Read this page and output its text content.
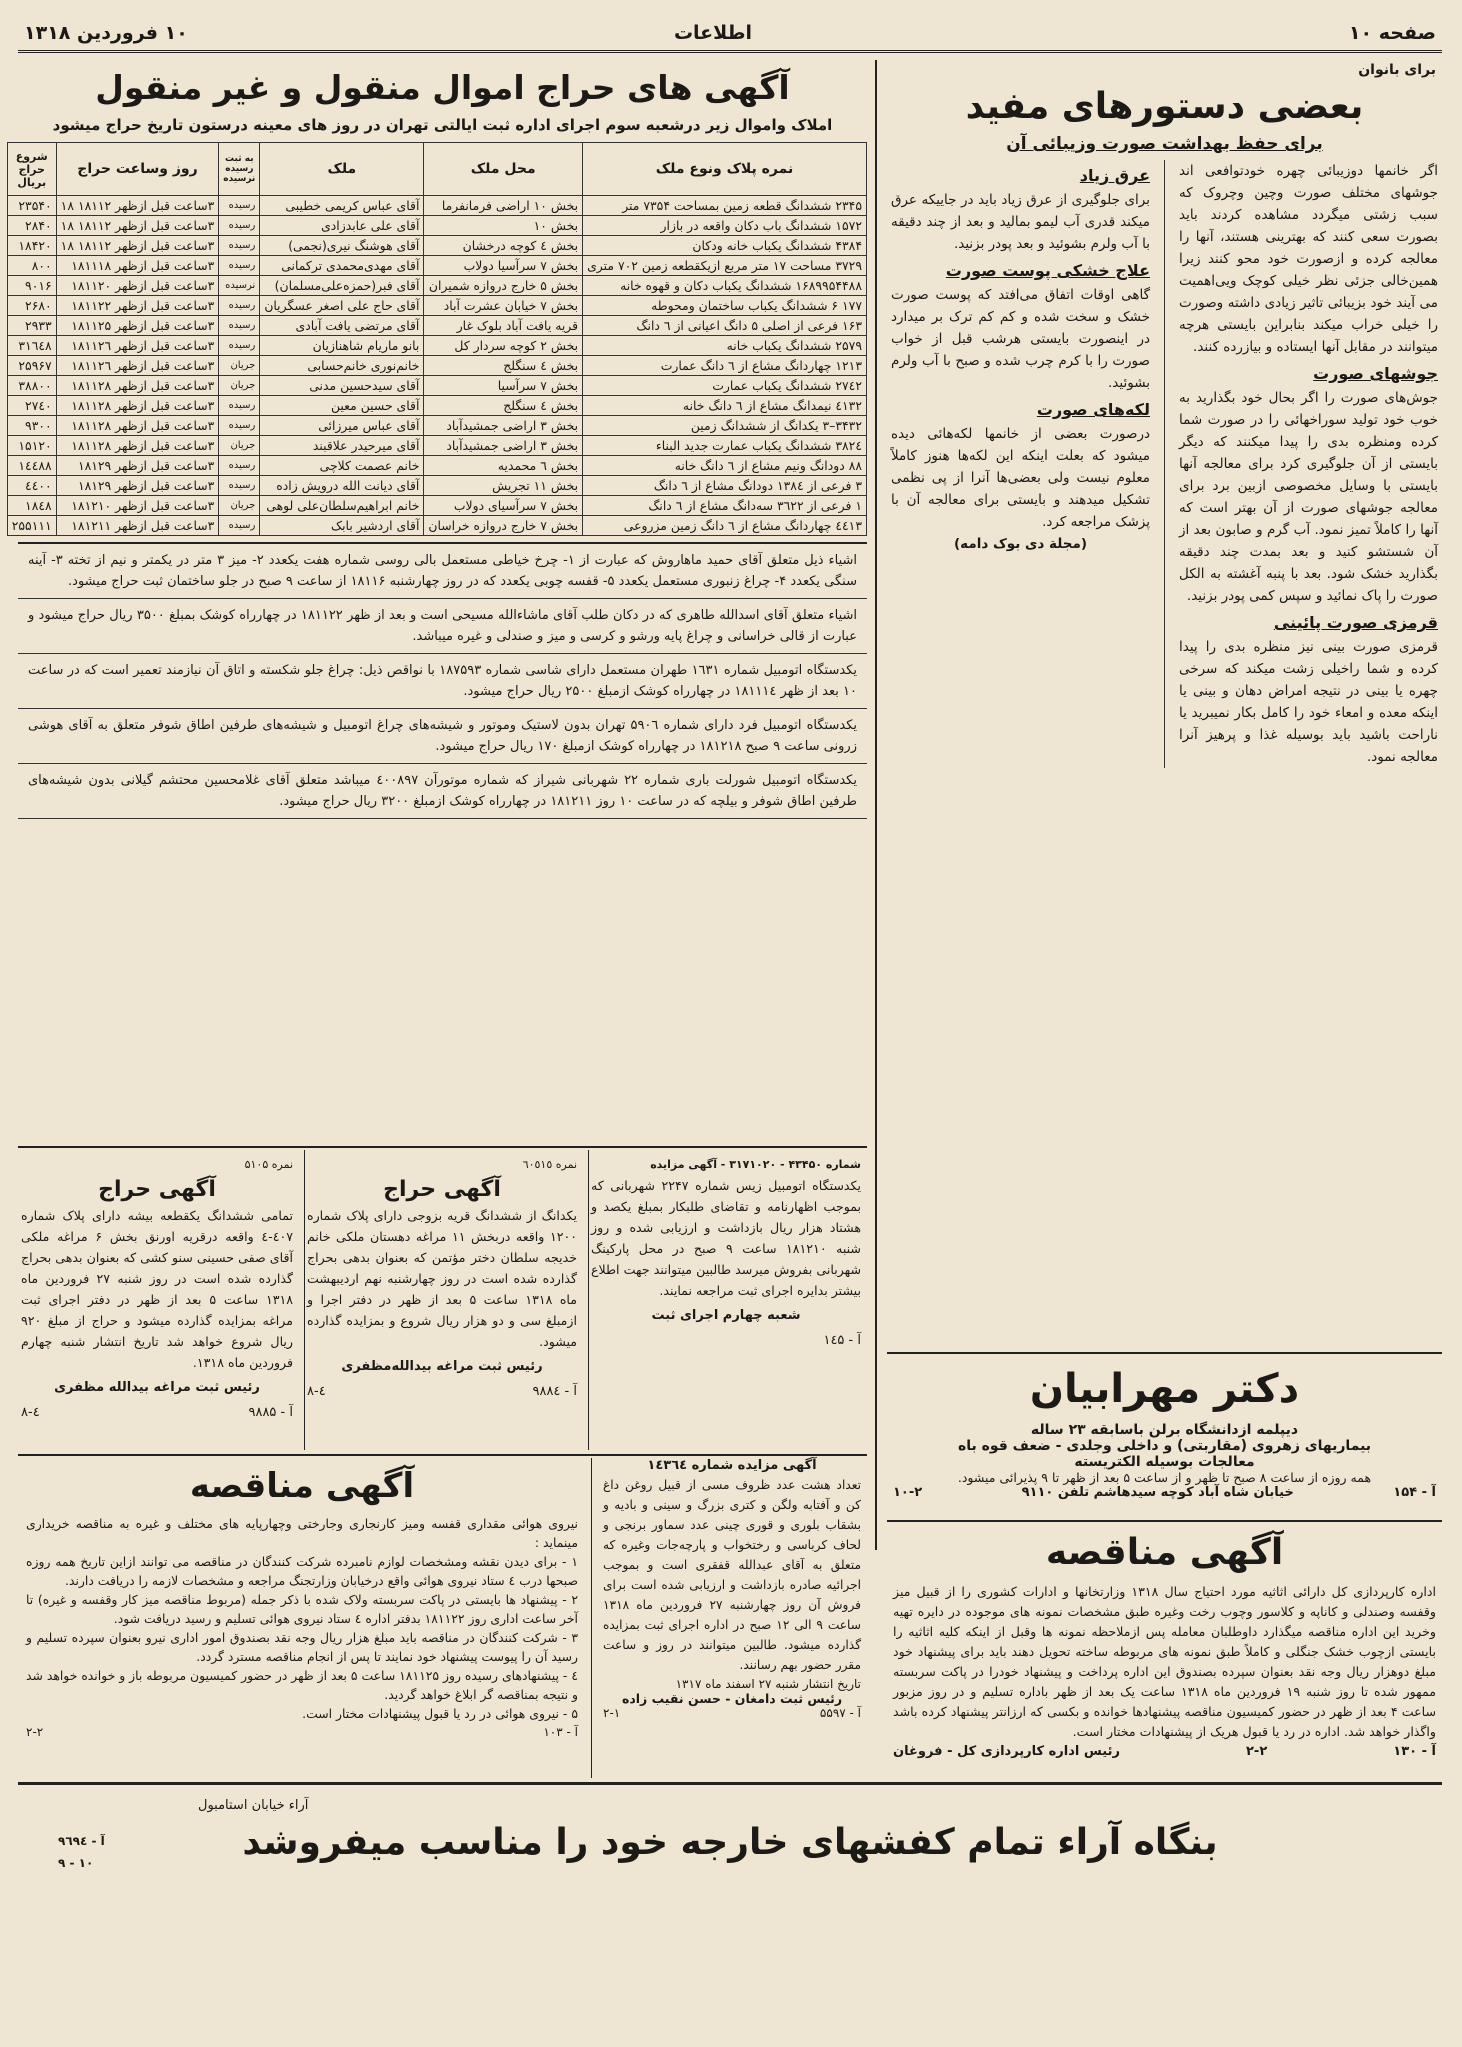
صفحه ۱۰
اطلاعات
۱۰ فروردین ۱۳۱۸
برای بانوان
بعضی دستورهای مفید
برای حفظ بهداشت صورت وزیبائی آن
اگر خانمها دوزیبائی چهره خودتوافعی اند جوشهای مختلف صورت وچین وچروک که سبب زشتی میگردد مشاهده کردند باید بصورت سعی کنند که بهترینی هستند، آنها را معالجه کرده و ازصورت خود محو کنند زیرا همین‌خالی جزئی نظر خیلی کوچک ویی‌اهمیت می آیند خود بزیبائی تاثیر زیادی داشته وصورت را خیلی خراب میکند بنابراین بایستی هرچه میتوانند در مقابل آنها ایستاده و بیازرده کنند.
جوشهای صورت
جوش‌های صورت را اگر بحال خود بگذارید به خوب خود تولید سوراخهائی را در صورت شما کرده ومنظره بدی را پیدا میکنند که دیگر بایستی از آن جلوگیری کرد برای معالجه آنها بایستی با وسایل مخصوصی ازبین برد برای معالجه جوشهای صورت از آن بهتر است که آنها را کاملاً تمیز نمود. آب گرم و صابون بعد از آن شستشو کنید و بعد بمدت چند دقیقه بگذارید خشک شود. بعد با پنبه آغشته به الکل صورت را پاک نمائید و سپس کمی پودر بزنید.
قرمزی صورت پائینی
قرمزی صورت بینی نیز منظره بدی را پیدا کرده و شما راخیلی زشت میکند که سرخی چهره یا بینی در نتیجه امراض دهان و بینی یا اینکه معده و امعاء خود را کامل بکار نمیبرید یا ناراحت باشید باید بوسیله غذا و پرهیز آنرا معالجه نمود.
عرق زیاد
برای جلوگیری از عرق زیاد باید در جاییکه عرق میکند قدری آب لیمو بمالید و بعد از چند دقیقه با آب ولرم بشوئید و بعد پودر بزنید.
علاج خشکی پوست صورت
گاهی اوقات اتفاق می‌افتد که پوست صورت خشک و سخت شده و کم کم ترک بر میدارد در اینصورت بایستی هرشب قبل از خواب صورت را با کرم چرب شده و صبح با آب ولرم بشوئید.
لکه‌های صورت
درصورت بعضی از خانمها لکه‌هائی دیده میشود که بعلت اینکه این لکه‌ها هنوز کاملاً معلوم نیست ولی بعضی‌ها آنرا از پی نظمی تشکیل میدهند و بایستی برای معالجه آن با پزشک مراجعه کرد.
(مجلة دی بوک دامه)
دکتر مهرابیان
دیپلمه ازدانشگاه برلن باسابقه ۲۳ ساله
بیماریهای زهروی (مقاربتی) و داخلی وجلدی - ضعف قوه باه
معالجات بوسیله الکتریسته
همه روزه از ساعت ۸ صبح تا ظهر و از ساعت ۵ بعد از ظهر تا ۹ پذیرائی میشود.
آ - ۱۵۴
خیابان شاه آباد کوچه سیدهاشم تلفن ۹۱۱۰
۱۰-۲
آگهی مناقصه
اداره کارپردازی کل دارائی اثاثیه مورد احتیاج سال ۱۳۱۸ وزارتخانها و ادارات کشوری را از قبیل میز وقفسه وصندلی و کاناپه و کلاسور وچوب رخت وغیره طبق مشخصات نمونه های موجوده در دایره تهیه وخرید این اداره مناقصه میگذارد داوطلبان معامله پس ازملاحظه نمونه ها وقبل از اینکه کلیه اثاثیه را بایستی ازچوب خشک جنگلی و کاملاً طبق نمونه های مربوطه ساخته تحویل دهند باید برای پیشنهاد خود مبلغ دوهزار ریال وجه نقد بعنوان سپرده بصندوق این اداره پرداخت و پیشنهاد خودرا در پاکت سربسته ممهور شده تا روز شنبه ۱۹ فروردین ماه ۱۳۱۸ ساعت یک بعد از ظهر باداره تسلیم و در روز مزبور ساعت ۴ بعد از ظهر در حضور کمیسیون مناقصه پیشنهادها خوانده و بکسی که ارزانتر پیشنهاد کرده باشد واگذار خواهد شد. اداره در رد یا قبول هریک از پیشنهادات مختار است.
آ - ۱۳۰
۲-۲
رئیس اداره کارپردازی کل - فروغان
آگهی های حراج اموال منقول و غیر منقول
املاک واموال زیر درشعبه سوم اجرای اداره ثبت ایالتی تهران در روز های معینه درستون تاریخ حراج میشود
نمره پلاک ونوع ملک	محل ملک	ملک	به ثبت رسیده نرسیده	روز وساعت حراج	شروع حراج بریال
۲۳۴۵ ششدانگ قطعه زمین بمساحت ۷۳۵۴ متر	بخش ۱۰ اراضی فرمانفرما	آقای عباس کریمی خطیبی	رسیده	۳ساعت قبل ازظهر ۱۸۱۱۲ ۱۸	۲۳۵۴۰
۱۵۷۲ ششدانگ باب دکان واقعه در بازار	بخش ۱۰	آقای علی عابدزادی	رسیده	۳ساعت قبل ازظهر ۱۸۱۱۲ ۱۸	۲۸۴۰
۴۳۸۴ ششدانگ یکباب خانه ودکان	بخش ٤ کوچه درخشان	آقای هوشنگ نیری(نجمی)	رسیده	۳ساعت قبل ازظهر ۱۸۱۱۲ ۱۸	۱۸۴۲۰
۳۷۲۹ مساحت ۱۷ متر مربع ازیکقطعه زمین ۷۰۲ متری	بخش ۷ سرآسیا دولاب	آقای مهدی‌محمدی ترکمانی	رسیده	۳ساعت قبل ازظهر ۱۸۱۱۱۸	۸۰۰
۱۶۸۹۹۵۴۴۸۸ ششدانگ یکباب دکان و قهوه خانه	بخش ۵ خارج دروازه شمیران	آقای فبر(حمزه‌علی‌مسلمان)	نرسیده	۳ساعت قبل ازظهر ۱۸۱۱۲۰	۹۰۱۶
۱۷۷ ۶ ششدانگ یکباب ساختمان ومحوطه	بخش ۷ خیابان عشرت آباد	آقای حاج علی اصغر عسگریان	رسیده	۳ساعت قبل ازظهر ۱۸۱۱۲۲	۲۶۸۰
۱۶۳ فرعی از اصلی ۵ دانگ اعیانی از ٦ دانگ	قریه یافت آباد بلوک غار	آقای مرتضی یافت آبادی	رسیده	۳ساعت قبل ازظهر ۱۸۱۱۲۵	۲۹۳۳
۲۵۷۹ ششدانگ یکباب خانه	بخش ۲ کوچه سردار کل	بانو ماریام شاهنازیان	رسیده	۳ساعت قبل ازظهر ۱۸۱۱۲٦	۳۱٦٤٨
۱۲۱۳ چهاردانگ مشاع از ٦ دانگ عمارت	بخش ٤ سنگلج	خانم‌نوری خانم‌حسابی	جریان	۳ساعت قبل ازظهر ۱۸۱۱۲٦	۲۵۹۶۷
۲۷٤۲ ششدانگ یکباب عمارت	بخش ۷ سرآسیا	آقای سیدحسین مدنی	جریان	۳ساعت قبل ازظهر ۱۸۱۱۲۸	۳۸۸۰۰
٤۱۳۲ نیمدانگ مشاع از ٦ دانگ خانه	بخش ٤ سنگلج	آقای حسین معین	رسیده	۳ساعت قبل ازظهر ۱۸۱۱۲۸	۲۷٤۰
۳۴۳۲–۳ یکدانگ از ششدانگ زمین	بخش ۳ اراضی جمشیدآباد	آقای عباس میرزائی	رسیده	۳ساعت قبل ازظهر ۱۸۱۱۲۸	۹۳۰۰
۳۸۲٤ ششدانگ یکباب عمارت جدید البناء	بخش ۳ اراضی جمشیدآباد	آقای میرحیدر علاقبند	جریان	۳ساعت قبل ازظهر ۱۸۱۱۲۸	۱۵۱۲۰
۸۸ دودانگ ونیم مشاع از ٦ دانگ خانه	بخش ٦ محمدیه	خانم عصمت کلاچی	رسیده	۳ساعت قبل ازظهر ۱۸۱۲۹	۱٤٤۸۸
۳ فرعی از ۱۳۸٤ دودانگ مشاع از ٦ دانگ	بخش ۱۱ تجریش	آقای دیانت الله درویش زاده	رسیده	۳ساعت قبل ازظهر ۱۸۱۲۹	٤٤۰۰
۱ فرعی از ۳٦۲۲ سه‌دانگ مشاع از ٦ دانگ	بخش ۷ سرآسیای دولاب	خانم ابراهیم‌سلطان‌علی لوهی	جریان	۳ساعت قبل ازظهر ۱۸۱۲۱۰	۱۸٤۸
٤٤۱۳ چهاردانگ مشاع از ٦ دانگ زمین مزروعی	بخش ۷ خارج دروازه خراسان	آقای اردشیر بابک	رسیده	۳ساعت قبل ازظهر ۱۸۱۲۱۱	۲۵۵۱۱۱
اشیاء ذیل متعلق آقای حمید ماهاروش که عبارت از ۱- چرخ خیاطی مستعمل بالی روسی شماره هفت یکعدد ۲- میز ۳ متر در یکمتر و نیم از تخته ۳- آینه سنگی یکعدد ۴- چراغ زنبوری مستعمل یکعدد ۵- قفسه چوبی یکعدد که در روز چهارشنبه ۱۸۱۱۶ از ساعت ۹ صبح در جلو ساختمان ثبت حراج میشود.
اشیاء متعلق آقای اسدالله طاهری که در دکان طلب آقای ماشاءالله مسیحی است و بعد از ظهر ۱۸۱۱۲۲ در چهارراه کوشک بمبلغ ۳۵۰۰ ریال حراج میشود و عبارت از قالی خراسانی و چراغ پایه ورشو و کرسی و میز و صندلی و غیره میباشد.
یکدستگاه اتومبیل شماره ۱٦۳۱ طهران مستعمل دارای شاسی شماره ۱۸۷۵۹۳ با نواقص ذیل: چراغ جلو شکسته و اتاق آن نیازمند تعمیر است که در ساعت ۱۰ بعد از ظهر ۱۸۱۱۱٤ در چهارراه کوشک ازمبلغ ۲۵۰۰ ریال حراج میشود.
یکدستگاه اتومبیل فرد دارای شماره ۵۹۰٦ تهران بدون لاستیک وموتور و شیشه‌های چراغ اتومبیل و شیشه‌های طرفین اطاق شوفر متعلق به آقای هوشی زرونی ساعت ۹ صبح ۱۸۱۲۱۸ در چهارراه کوشک ازمبلغ ۱۷۰ ریال حراج میشود.
یکدستگاه اتومبیل شورلت باری شماره ۲۲ شهربانی شیراز که شماره موتورآن ٤۰۰۸۹۷ میباشد متعلق آقای غلامحسین محتشم گیلانی بدون شیشه‌های طرفین اطاق شوفر و بیلچه که در ساعت ۱۰ روز ۱۸۱۲۱۱ در چهارراه کوشک ازمبلغ ۳۲۰۰ ریال حراج میشود.
شماره ۴۳۴۵۰ - ۳۱۷۱۰۲۰ - آگهی مزایده
یکدستگاه اتومبیل زیس شماره ۲۲۴۷ شهربانی که بموجب اظهارنامه و تقاضای طلبکار بمبلغ یکصد و هشتاد هزار ریال بازداشت و ارزیابی شده و روز شنبه ۱۸۱۲۱۰ ساعت ۹ صبح در محل پارکینگ شهربانی بفروش میرسد طالبین میتوانند جهت اطلاع بیشتر بدایره اجرای ثبت مراجعه نمایند.
شعبه چهارم اجرای ثبت
آ - ۱٤۵
نمره ٦٠٥١٥
آگهی حراج
یکدانگ از ششدانگ قریه بزوجی دارای پلاک شماره ۱۲۰۰ واقعه دربخش ۱۱ مراغه دهستان ملکی خانم خدیجه سلطان دختر مؤتمن که بعنوان بدهی بحراج گذارده شده است در روز چهارشنبه نهم اردیبهشت ماه ۱۳۱۸ ساعت ۵ بعد از ظهر در دفتر اجرا و ازمبلغ سی و دو هزار ریال شروع و بمزایده گذارده میشود.
رئیس ثبت مراغه بیدالله‌مظفری
آ - ۹۸۸٤
٤-۸
نمره ۵۱۰۵
آگهی حراج
تمامی ششدانگ یکقطعه بیشه دارای پلاک شماره ٤٠٧-٤ واقعه درقریه اورنق بخش ۶ مراغه ملکی آقای صفی حسینی سنو کشی که بعنوان بدهی بحراج گذارده شده است در روز شنبه ۲۷ فروردین ماه ۱۳۱۸ ساعت ۵ بعد از ظهر در دفتر اجرای ثبت مراغه بمزایده گذارده میشود و حراج از مبلغ ۹۲۰ ریال شروع خواهد شد تاریخ انتشار شنبه چهارم فروردین ماه ۱۳۱۸.
رئیس ثبت مراغه بیدالله مظفری
آ - ۹۸۸۵
٤-۸
آگهی مزایده شماره ۱٤۳٦٤
تعداد هشت عدد ظروف مسی از قبیل روغن داغ کن و آفتابه ولگن و کتری بزرگ و سینی و بادیه و بشقاب بلوری و قوری چینی عدد سماور برنجی و لحاف کرباسی و رختخواب و پارچه‌جات وغیره که متعلق به آقای عبدالله قفقری است و بموجب اجرائیه صادره بازداشت و ارزیابی شده است برای فروش آن روز چهارشنبه ۲۷ فروردین ماه ۱۳۱۸ ساعت ۹ الی ۱۲ صبح در اداره اجرای ثبت بمزایده گذارده میشود. طالبین میتوانند در روز و ساعت مقرر حضور بهم رسانند.
تاریخ انتشار شنبه ۲۷ اسفند ماه ۱۳۱۷
رئیس ثبت دامغان - حسن نقیب زاده
آ - ۵۵۹۷
۲-۱
آگهی مناقصه
نیروی هوائی مقداری قفسه ومیز کارنجاری وجارختی وچهارپایه های مختلف و غیره به مناقصه خریداری مینماید :
۱ - برای دیدن نقشه ومشخصات لوازم نامبرده شرکت کنندگان در مناقصه می توانند ازاین تاریخ همه روزه صبحها درب ٤ ستاد نیروی هوائی واقع درخیابان وزارتجنگ مراجعه و مشخصات لازمه را دریافت دارند.
۲ - پیشنهاد ها بایستی در پاکت سربسته ولاک شده با ذکر جمله (مربوط مناقصه میز کار وقفسه و غیره) تا آخر ساعت اداری روز ۱۸۱۱۲۲ بدفتر اداره ٤ ستاد نیروی هوائی تسلیم و رسید دریافت شود.
۳ - شرکت کنندگان در مناقصه باید مبلغ هزار ریال وجه نقد بصندوق امور اداری نیرو بعنوان سپرده تسلیم و رسید آن را پیوست پیشنهاد خود نمایند تا پس از انجام مناقصه مسترد گردد.
٤ - پیشنهادهای رسیده روز ۱۸۱۱۲۵ ساعت ۵ بعد از ظهر در حضور کمیسیون مربوطه باز و خوانده خواهد شد و نتیجه بمناقصه گر ابلاغ خواهد گردید.
۵ - نیروی هوائی در رد یا قبول پیشنهادات مختار است.
آ - ۱۰۳
۲-۲
آراء خیابان استامبول
بنگاه آراء تمام کفشهای خارجه خود را مناسب میفروشد
آ - ۹٦۹٤
۱۰ - ۹
